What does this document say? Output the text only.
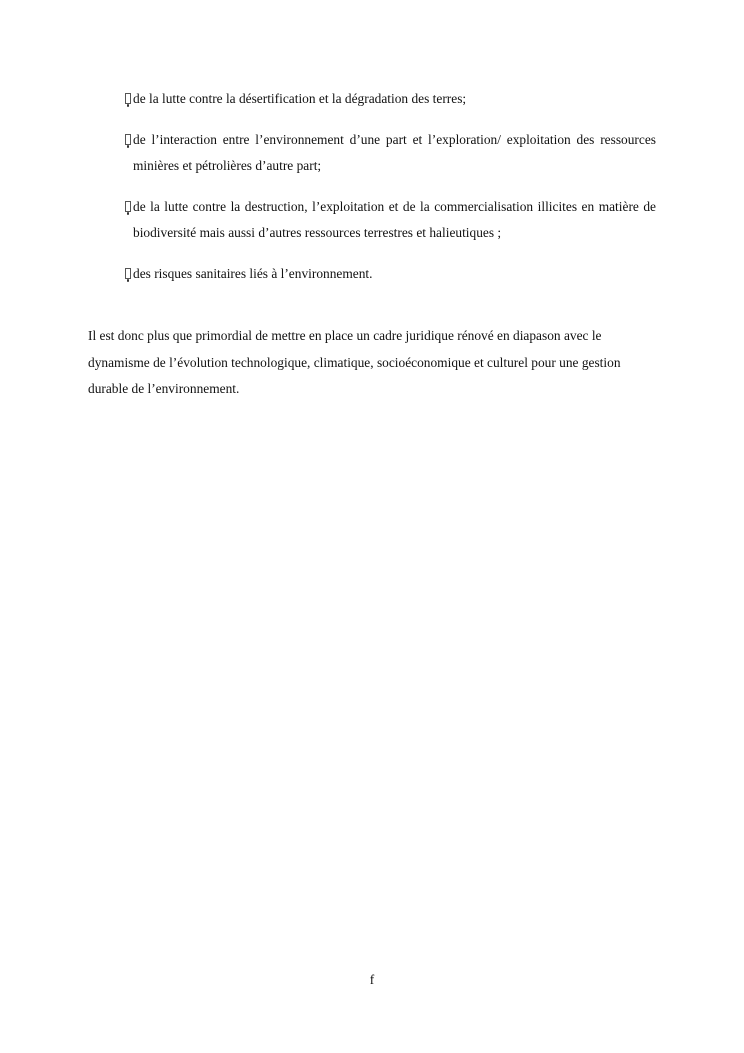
de la lutte contre la désertification et la dégradation des terres;
de l’interaction entre l’environnement d’une part et l’exploration/ exploitation des ressources minières et pétrolières d’autre part;
de la lutte contre la destruction, l’exploitation et de la commercialisation illicites en matière de biodiversité mais aussi d’autres ressources terrestres et halieutiques ;
des risques sanitaires liés à l’environnement.

Il est donc plus que primordial de mettre en place un cadre juridique rénové en diapason avec le dynamisme de l’évolution technologique, climatique, socioéconomique et culturel pour une gestion durable de l’environnement.

f
